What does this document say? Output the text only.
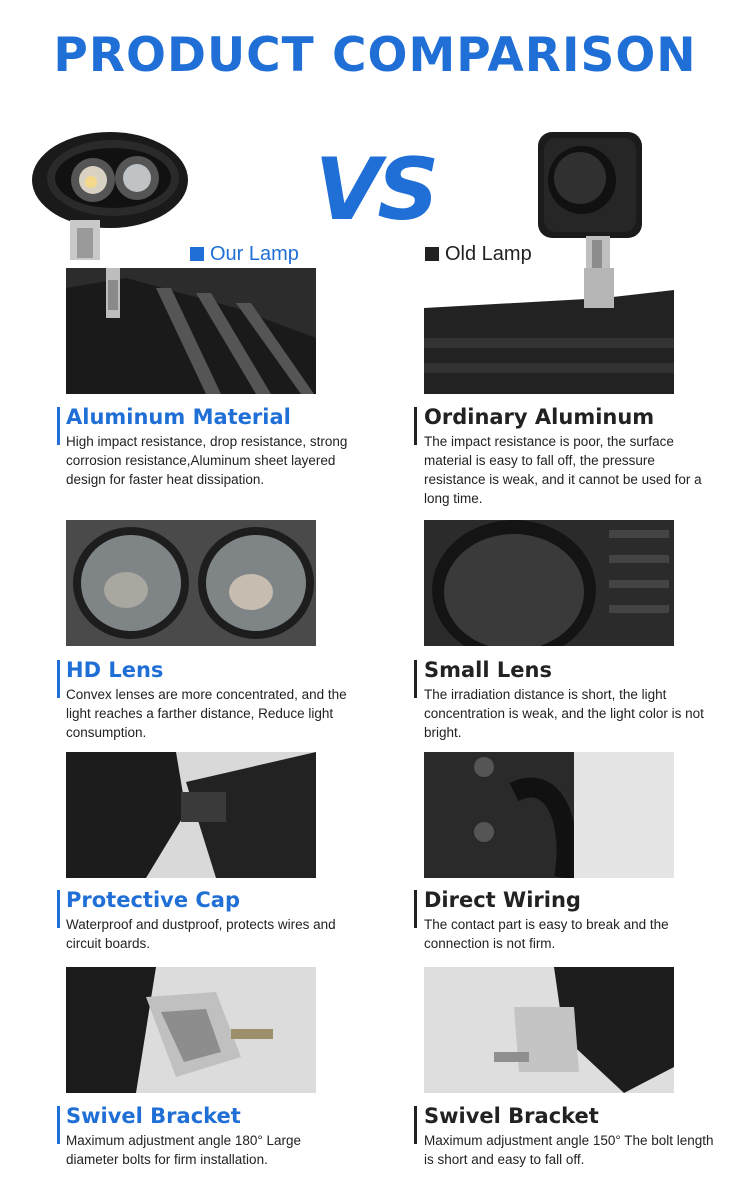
PRODUCT COMPARISON
VS
Our Lamp	Old Lamp
Aluminum Material
High impact resistance, drop resistance, strong corrosion resistance,Aluminum sheet layered design for faster heat dissipation.
Ordinary Aluminum
The impact resistance is poor, the surface material is easy to fall off, the pressure resistance is weak, and it cannot be used for a long time.
HD Lens
Convex lenses are more concentrated, and the light reaches a farther distance, Reduce light consumption.
Small Lens
The irradiation distance is short, the light concentration is weak, and the light color is not bright.
Protective Cap
Waterproof and dustproof, protects wires and circuit boards.
Direct Wiring
The contact part is easy to break and the connection is not firm.
Swivel Bracket
Maximum adjustment angle 180° Large diameter bolts for firm installation.
Swivel Bracket
Maximum adjustment angle 150° The bolt length is short and easy to fall off.
